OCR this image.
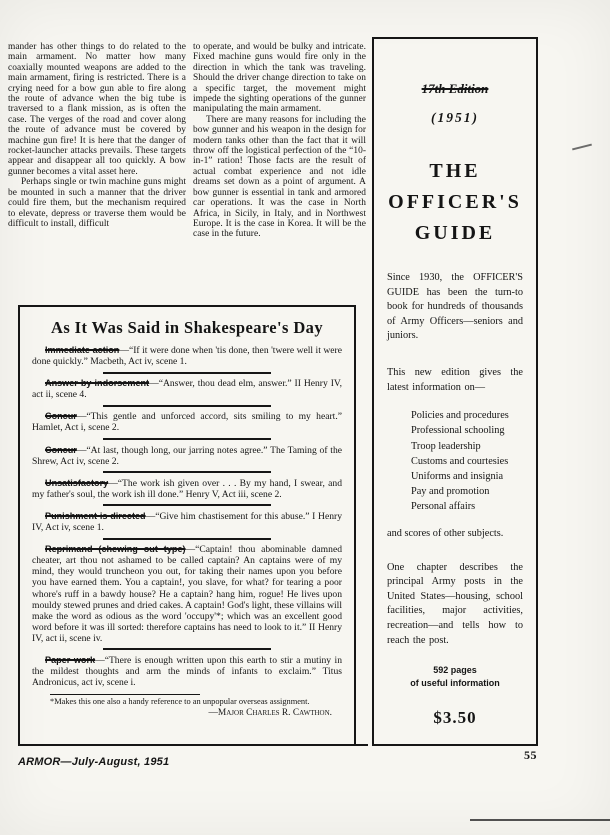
mander has other things to do related to the main armament. No matter how many coaxially mounted weapons are added to the main armament, firing is restricted. There is a crying need for a bow gun able to fire along the route of advance when the big tube is traversed to a flank mission, as is often the case. The verges of the road and cover along the route of advance must be covered by machine gun fire! It is here that the danger of rocket-launcher attacks prevails. These targets appear and disappear all too quickly. A bow gunner becomes a vital asset here.

Perhaps single or twin machine guns might be mounted in such a manner that the driver could fire them, but the mechanism required to elevate, depress or traverse them would be difficult to install, difficult

to operate, and would be bulky and intricate. Fixed machine guns would fire only in the direction in which the tank was traveling. Should the driver change direction to take on a specific target, the movement might impede the sighting operations of the gunner manipulating the main armament.

There are many reasons for including the bow gunner and his weapon in the design for modern tanks other than the fact that it will throw off the logistical perfection of the “10-in-1” ration! Those facts are the result of actual combat experience and not idle dreams set down as a point of argument. A bow gunner is essential in tank and armored car operations. It was the case in North Africa, in Sicily, in Italy, and in Northwest Europe. It is the case in Korea. It will be the case in the future.

As It Was Said in Shakespeare's Day

Immediate action—“If it were done when 'tis done, then 'twere well it were done quickly.” Macbeth, Act iv, scene 1.

Answer by indorsement—“Answer, thou dead elm, answer.” II Henry IV, act ii, scene 4.

Concur—“This gentle and unforced accord, sits smiling to my heart.” Hamlet, Act i, scene 2.

Concur—“At last, though long, our jarring notes agree.” The Taming of the Shrew, Act iv, scene 2.

Unsatisfactory—“The work ish given over . . . By my hand, I swear, and my father's soul, the work ish ill done.” Henry V, Act iii, scene 2.

Punishment is directed—“Give him chastisement for this abuse.” I Henry IV, Act iv, scene 1.

Reprimand (chewing out type)—“Captain! thou abominable damned cheater, art thou not ashamed to be called captain? An captains were of my mind, they would truncheon you out, for taking their names upon you before you have earned them. You a captain!, you slave, for what? for tearing a poor whore's ruff in a bawdy house? He a captain? hang him, rogue! He lives upon mouldy stewed prunes and dried cakes. A captain! God's light, these villains will make the word as odious as the word 'occupy'*; which was an excellent good word before it was ill sorted: therefore captains has need to look to it.” II Henry IV, act ii, scene iv.

Paper work—“There is enough written upon this earth to stir a mutiny in the mildest thoughts and arm the minds of infants to exclaim.” Titus Andronicus, act iv, scene i.

*Makes this one also a handy reference to an unpopular overseas assignment.

—Major Charles R. Cawthon.

17th Edition

(1951)

THE
OFFICER'S
GUIDE

Since 1930, the OFFICER'S GUIDE has been the turn-to book for hundreds of thousands of Army Officers—seniors and juniors.

This new edition gives the latest information on—

Policies and procedures
Professional schooling
Troop leadership
Customs and courtesies
Uniforms and insignia
Pay and promotion
Personal affairs

and scores of other subjects.

One chapter describes the principal Army posts in the United States—housing, school facilities, major activities, recreation—and tells how to reach the post.

592 pages
of useful information

$3.50

ARMOR—July-August, 1951	55
